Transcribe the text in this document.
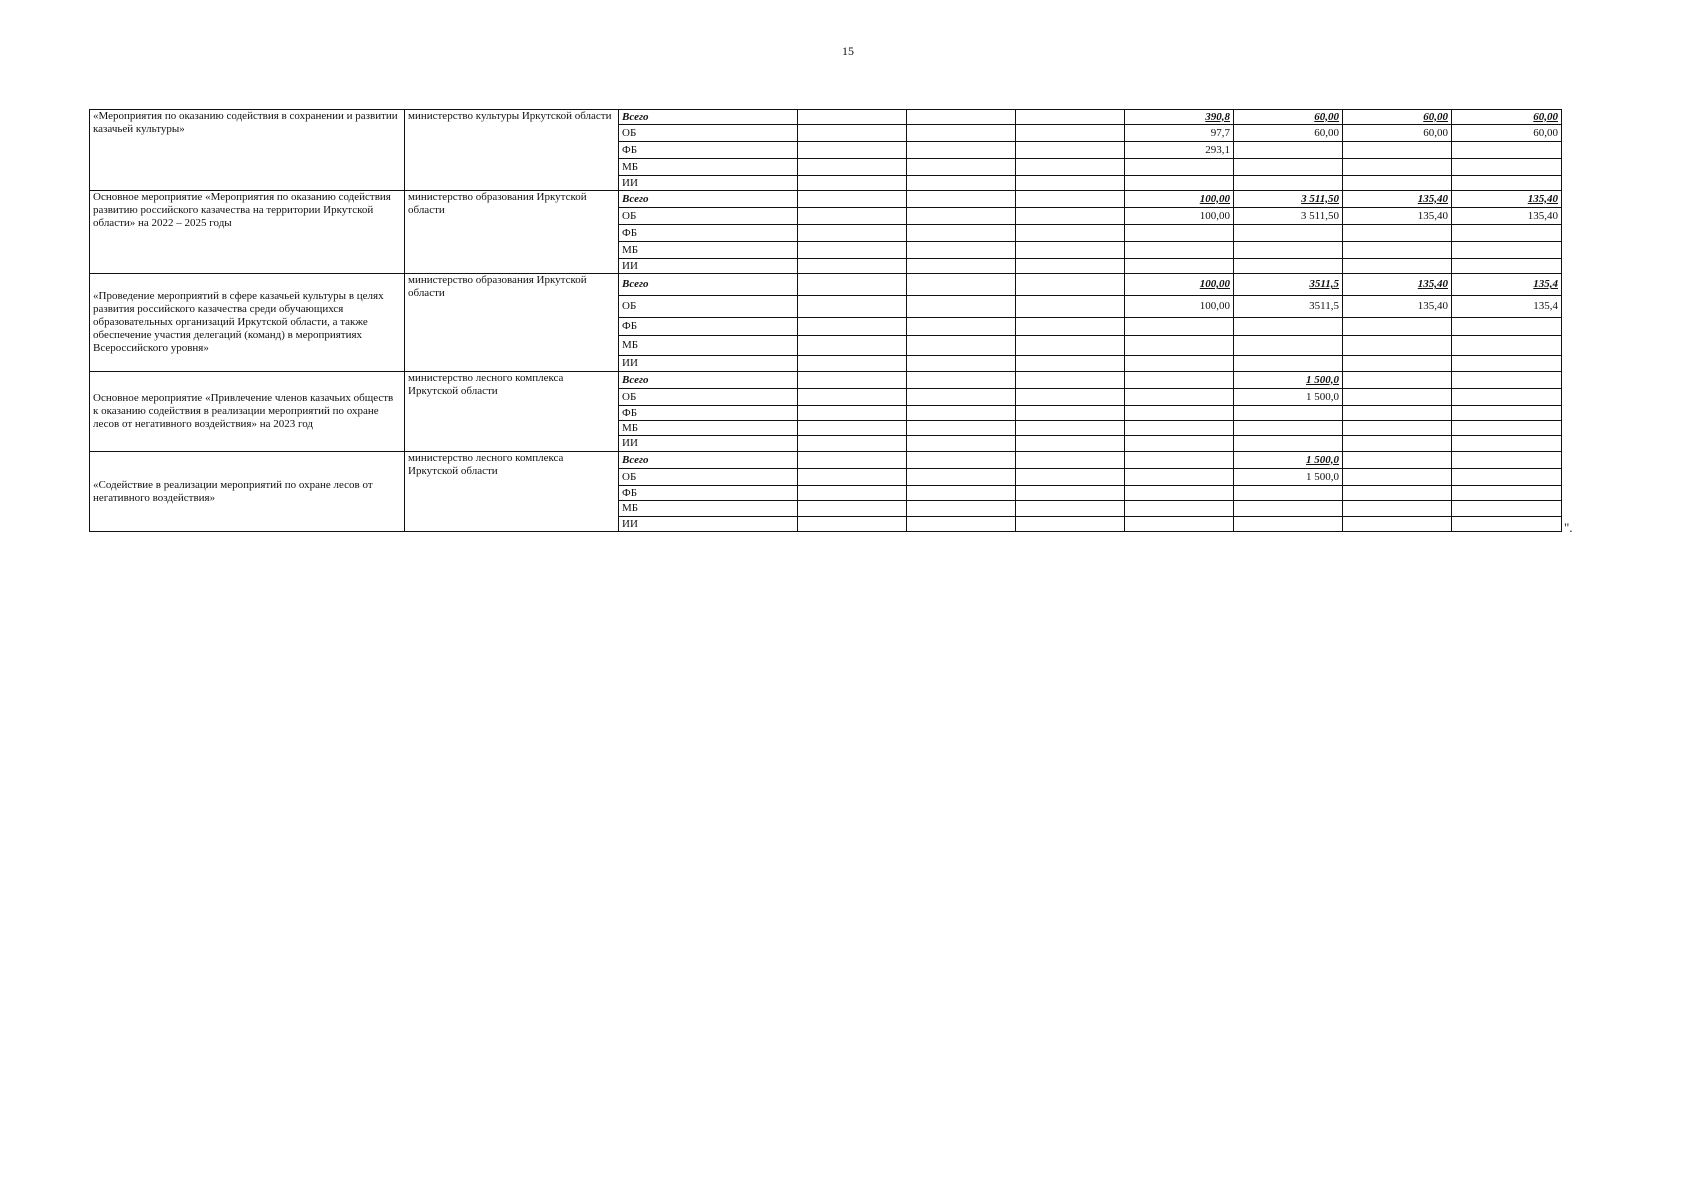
15
«Мероприятия по оказанию содействия в сохранении и развитии казачьей культуры»	министерство культуры Иркутской области	Всего				390,8	60,00	60,00	60,00
		ОБ				97,7	60,00	60,00	60,00
		ФБ				293,1			
		МБ							
		ИИ							
Основное мероприятие «Мероприятия по оказанию содействия развитию российского казачества на территории Иркутской области» на 2022 – 2025 годы	министерство образования Иркутской области	Всего				100,00	3 511,50	135,40	135,40
		ОБ				100,00	3 511,50	135,40	135,40
		ФБ							
		МБ							
		ИИ							
«Проведение мероприятий в сфере казачьей культуры в целях развития российского казачества среди обучающихся образовательных организаций Иркутской области, а также обеспечение участия делегаций (команд) в мероприятиях Всероссийского уровня»	министерство образования Иркутской области	Всего				100,00	3511,5	135,40	135,4
		ОБ				100,00	3511,5	135,40	135,4
		ФБ							
		МБ							
		ИИ							
Основное мероприятие «Привлечение членов казачьих обществ к оказанию содействия в реализации мероприятий по охране лесов от негативного воздействия» на 2023 год	министерство лесного комплекса Иркутской области	Всего					1 500,0		
		ОБ					1 500,0		
		ФБ							
		МБ							
		ИИ							
«Содействие в реализации мероприятий по охране лесов от негативного воздействия»	министерство лесного комплекса Иркутской области	Всего					1 500,0		
		ОБ					1 500,0		
		ФБ							
		МБ							
		ИИ								".
